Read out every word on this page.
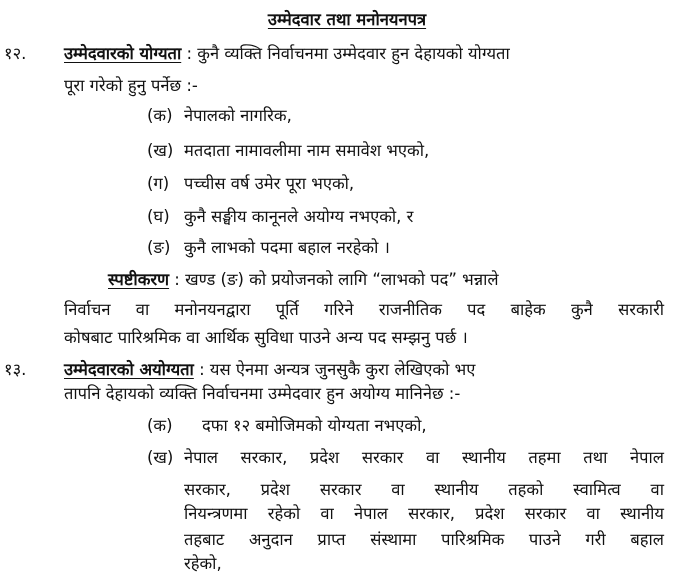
उम्मेदवार तथा मनोनयनपत्र
१२. उम्मेदवारको योग्यता : कुनै व्यक्ति निर्वाचनमा उम्मेदवार हुन देहायको योग्यता
पूरा गरेको हुनु पर्नेछ :-
(क) नेपालको नागरिक,
(ख) मतदाता नामावलीमा नाम समावेश भएको,
(ग) पच्चीस वर्ष उमेर पूरा भएको,
(घ) कुनै सङ्घीय कानूनले अयोग्य नभएको, र
(ङ) कुनै लाभको पदमा बहाल नरहेको ।
स्पष्टीकरण : खण्ड (ङ) को प्रयोजनको लागि “लाभको पद” भन्नाले
निर्वाचन वा मनोनयनद्वारा पूर्ति गरिने राजनीतिक पद बाहेक कुनै सरकारी
कोषबाट पारिश्रमिक वा आर्थिक सुविधा पाउने अन्य पद सम्झनु पर्छ ।
१३. उम्मेदवारको अयोग्यता : यस ऐनमा अन्यत्र जुनसुकै कुरा लेखिएको भए
तापनि देहायको व्यक्ति निर्वाचनमा उम्मेदवार हुन अयोग्य मानिनेछ :-
(क) दफा १२ बमोजिमको योग्यता नभएको,
(ख) नेपाल सरकार, प्रदेश सरकार वा स्थानीय तहमा तथा नेपाल
सरकार, प्रदेश सरकार वा स्थानीय तहको स्वामित्व वा
नियन्त्रणमा रहेको वा नेपाल सरकार, प्रदेश सरकार वा स्थानीय
तहबाट अनुदान प्राप्त संस्थामा पारिश्रमिक पाउने गरी बहाल
रहेको,
